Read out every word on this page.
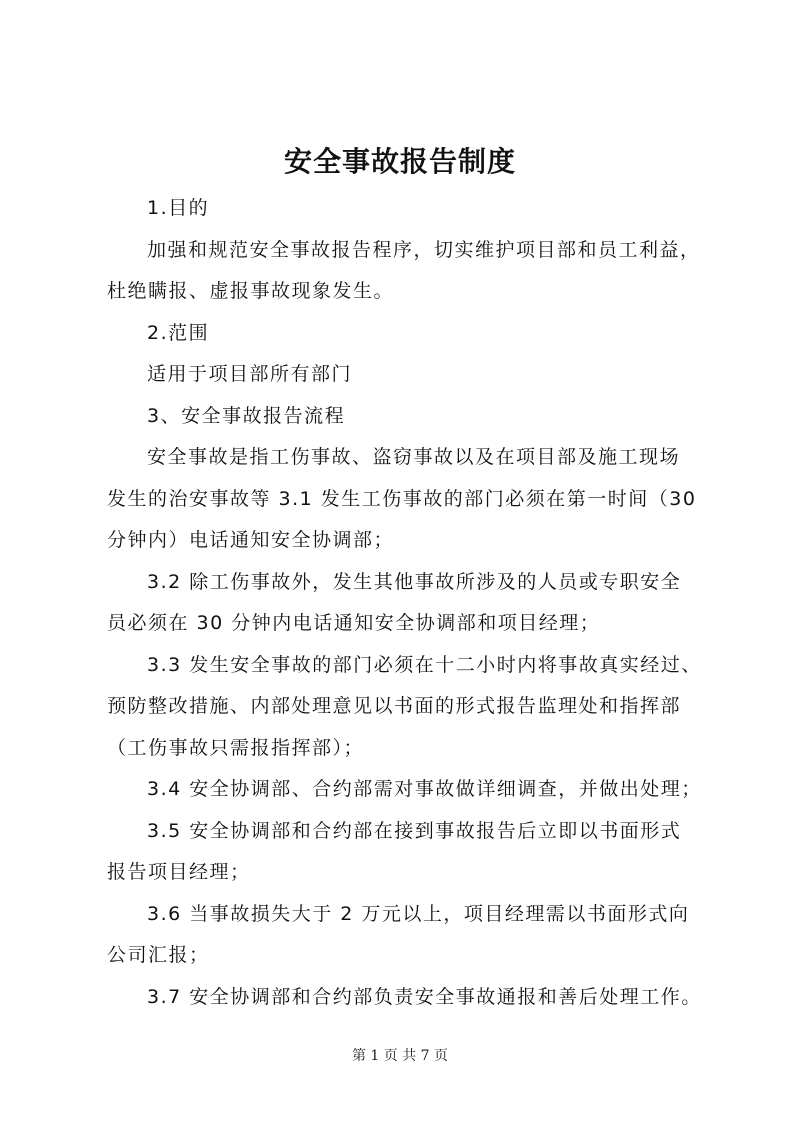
安全事故报告制度

1.目的

加强和规范安全事故报告程序，切实维护项目部和员工利益，
杜绝瞒报、虚报事故现象发生。

2.范围

适用于项目部所有部门

3、安全事故报告流程

安全事故是指工伤事故、盗窃事故以及在项目部及施工现场
发生的治安事故等 3.1 发生工伤事故的部门必须在第一时间（30
分钟内）电话通知安全协调部；

3.2 除工伤事故外，发生其他事故所涉及的人员或专职安全
员必须在 30 分钟内电话通知安全协调部和项目经理；

3.3 发生安全事故的部门必须在十二小时内将事故真实经过、
预防整改措施、内部处理意见以书面的形式报告监理处和指挥部
（工伤事故只需报指挥部）；

3.4 安全协调部、合约部需对事故做详细调查，并做出处理；

3.5 安全协调部和合约部在接到事故报告后立即以书面形式
报告项目经理；

3.6 当事故损失大于 2 万元以上，项目经理需以书面形式向
公司汇报；

3.7 安全协调部和合约部负责安全事故通报和善后处理工作。

第 1 页 共 7 页
